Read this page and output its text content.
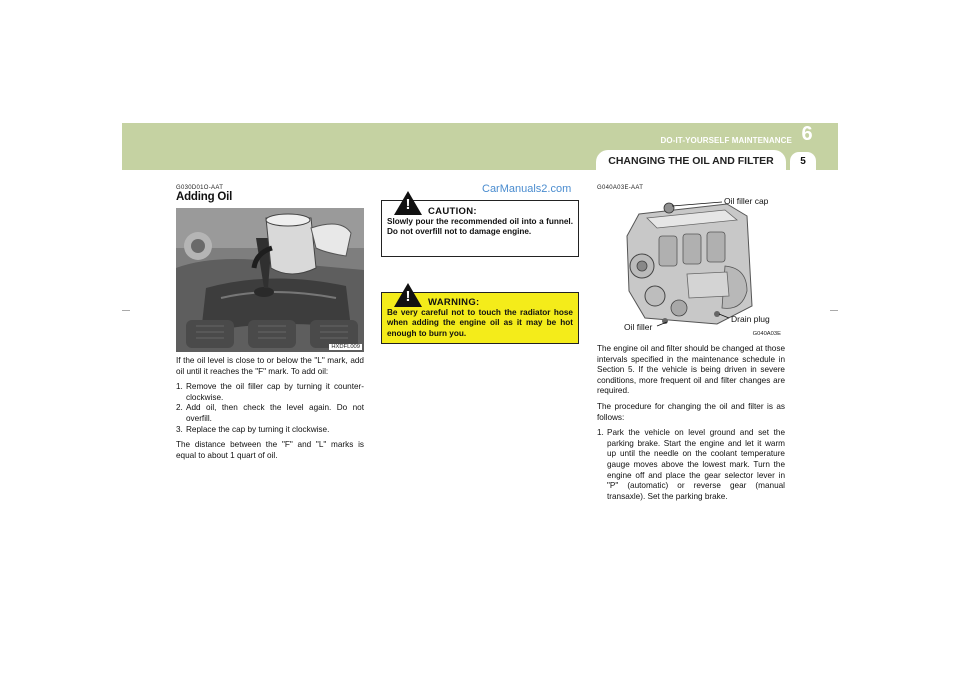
6
DO-IT-YOURSELF MAINTENANCE
CHANGING THE OIL AND FILTER	5
G030D01O-AAT
Adding Oil
HXDFL009

If the oil level is close to or below the "L" mark, add oil until it reaches the "F" mark. To add oil:

1. Remove the oil filler cap by turning it counter-clockwise.
2. Add oil, then check the level again. Do not overfill.
3. Replace the cap by turning it clockwise.

The distance between the "F" and "L" marks is equal to about 1 quart of oil.

CarManuals2.com
!	CAUTION:
Slowly pour the recommended oil into a funnel. Do not overfill not to damage engine.
!	WARNING:
Be very careful not to touch the radiator hose when adding the engine oil as it may be hot enough to burn you.
G040A03E-AAT
Oil filler cap
Drain plug
Oil filler
G040A03E

The engine oil and filter should be changed at those intervals specified in the maintenance schedule in Section 5. If the vehicle is being driven in severe conditions, more frequent oil and filter changes are required.

The procedure for changing the oil and filter is as follows:

1. Park the vehicle on level ground and set the parking brake. Start the engine and let it warm up until the needle on the coolant temperature gauge moves above the lowest mark. Turn the engine off and place the gear selector lever in "P" (automatic) or reverse gear (manual transaxle). Set the parking brake.
